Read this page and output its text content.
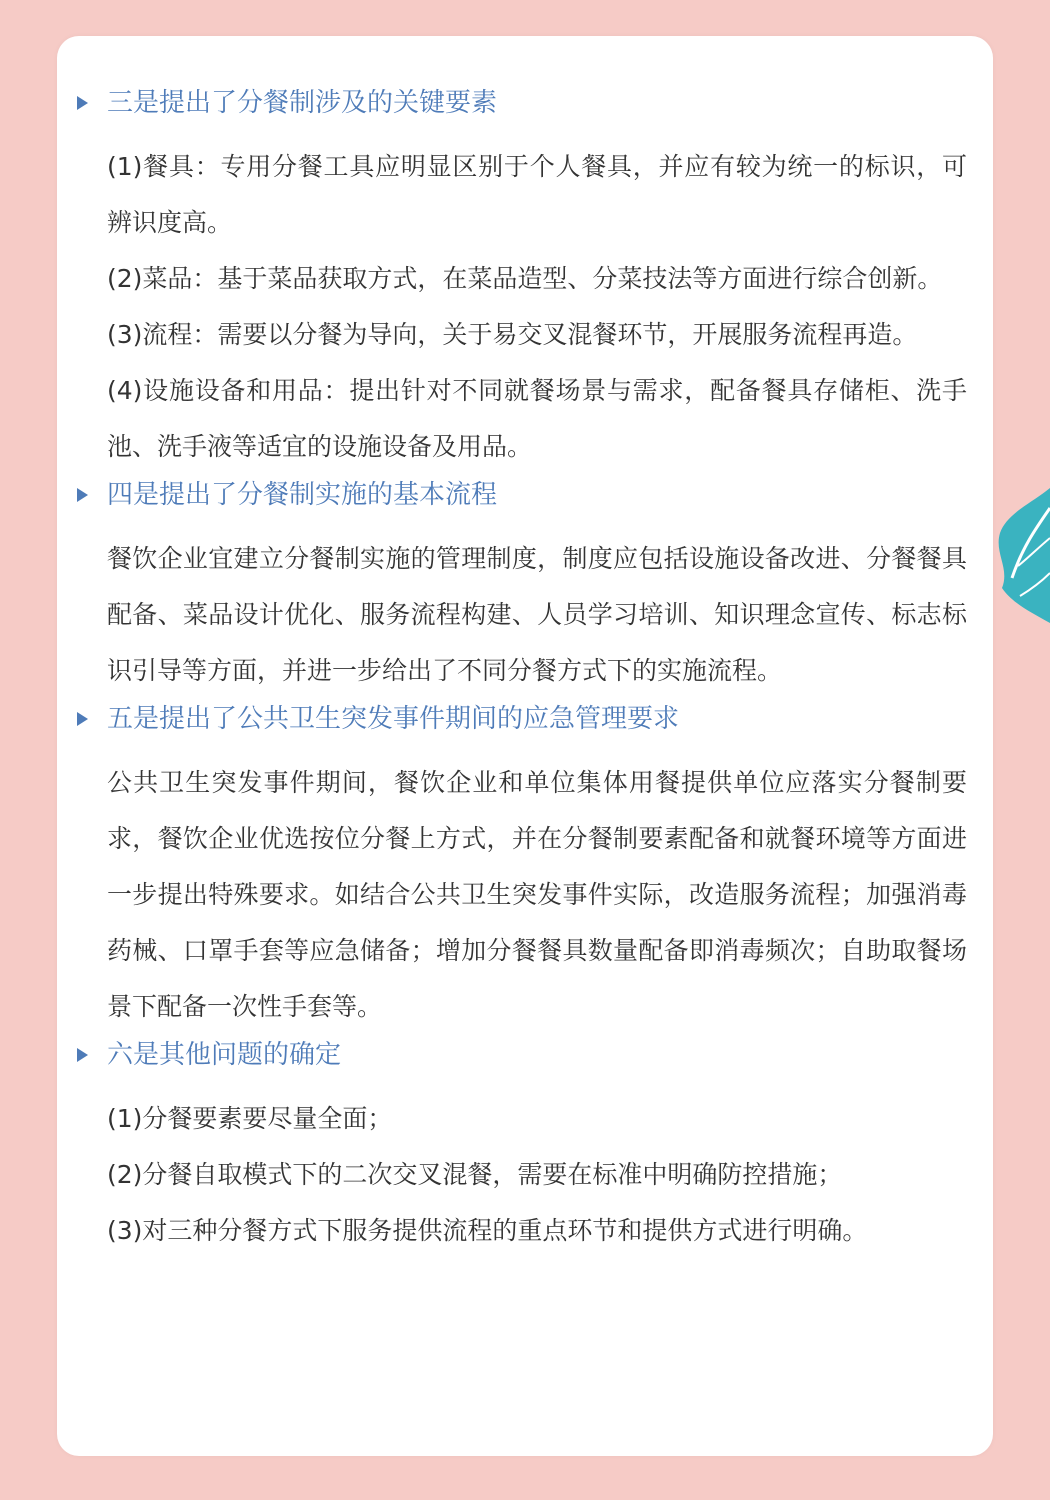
三是提出了分餐制涉及的关键要素

(1)餐具：专用分餐工具应明显区别于个人餐具，并应有较为统一的标识，可辨识度高。

(2)菜品：基于菜品获取方式，在菜品造型、分菜技法等方面进行综合创新。

(3)流程：需要以分餐为导向，关于易交叉混餐环节，开展服务流程再造。

(4)设施设备和用品：提出针对不同就餐场景与需求，配备餐具存储柜、洗手池、洗手液等适宜的设施设备及用品。

四是提出了分餐制实施的基本流程

餐饮企业宜建立分餐制实施的管理制度，制度应包括设施设备改进、分餐餐具配备、菜品设计优化、服务流程构建、人员学习培训、知识理念宣传、标志标识引导等方面，并进一步给出了不同分餐方式下的实施流程。

五是提出了公共卫生突发事件期间的应急管理要求

公共卫生突发事件期间，餐饮企业和单位集体用餐提供单位应落实分餐制要求，餐饮企业优选按位分餐上方式，并在分餐制要素配备和就餐环境等方面进一步提出特殊要求。如结合公共卫生突发事件实际，改造服务流程；加强消毒药械、口罩手套等应急储备；增加分餐餐具数量配备即消毒频次；自助取餐场景下配备一次性手套等。

六是其他问题的确定

(1)分餐要素要尽量全面；

(2)分餐自取模式下的二次交叉混餐，需要在标准中明确防控措施；

(3)对三种分餐方式下服务提供流程的重点环节和提供方式进行明确。
